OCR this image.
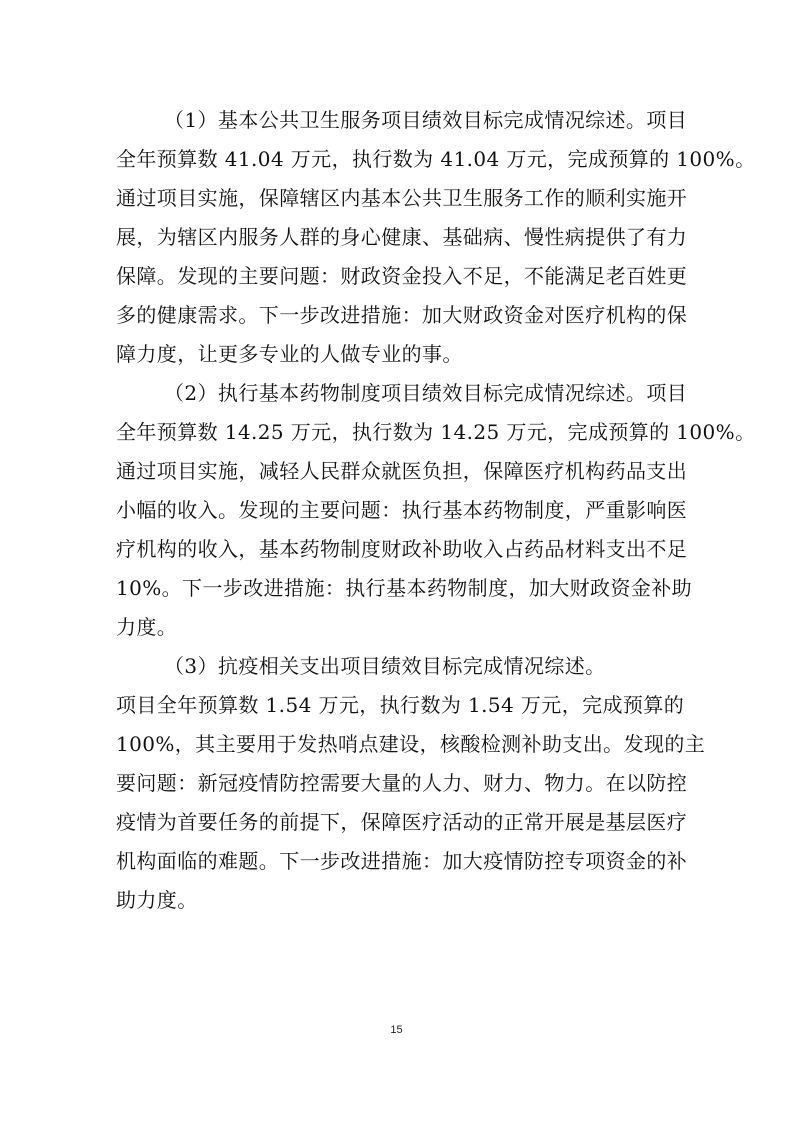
（1）基本公共卫生服务项目绩效目标完成情况综述。项目
全年预算数 41.04 万元，执行数为 41.04 万元，完成预算的 100%。
通过项目实施，保障辖区内基本公共卫生服务工作的顺利实施开
展，为辖区内服务人群的身心健康、基础病、慢性病提供了有力
保障。发现的主要问题：财政资金投入不足，不能满足老百姓更
多的健康需求。下一步改进措施：加大财政资金对医疗机构的保
障力度，让更多专业的人做专业的事。
（2）执行基本药物制度项目绩效目标完成情况综述。项目
全年预算数 14.25 万元，执行数为 14.25 万元，完成预算的 100%。
通过项目实施，减轻人民群众就医负担，保障医疗机构药品支出
小幅的收入。发现的主要问题：执行基本药物制度，严重影响医
疗机构的收入，基本药物制度财政补助收入占药品材料支出不足
10%。下一步改进措施：执行基本药物制度，加大财政资金补助
力度。
（3）抗疫相关支出项目绩效目标完成情况综述。
项目全年预算数 1.54 万元，执行数为 1.54 万元，完成预算的
100%，其主要用于发热哨点建设，核酸检测补助支出。发现的主
要问题：新冠疫情防控需要大量的人力、财力、物力。在以防控
疫情为首要任务的前提下，保障医疗活动的正常开展是基层医疗
机构面临的难题。下一步改进措施：加大疫情防控专项资金的补
助力度。
15
